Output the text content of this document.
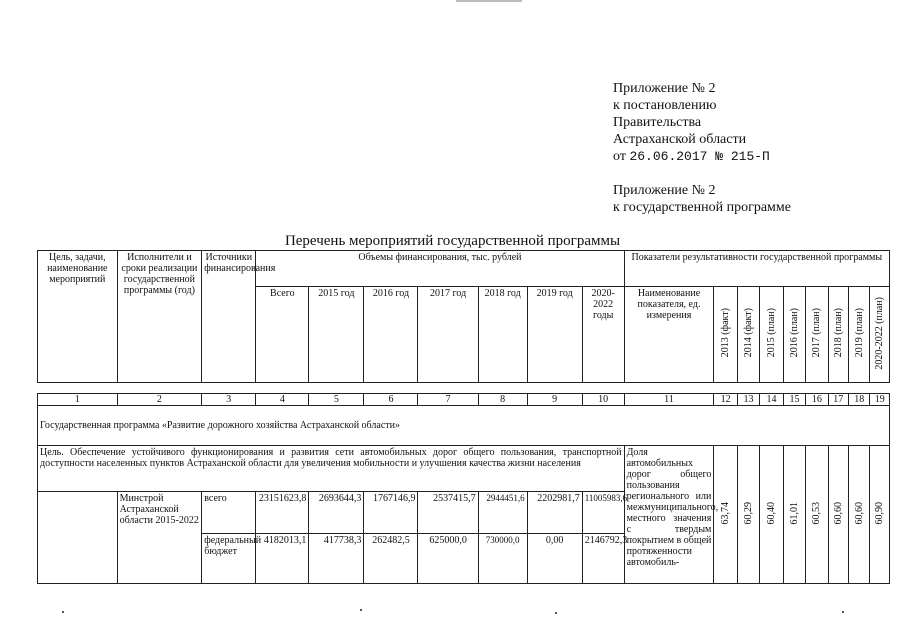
Приложение № 2
к постановлению
Правительства
Астраханской области
от 26.06.2017 № 215-П
Приложение № 2
к государственной программе
Перечень мероприятий государственной программы
Цель, задачи, наименование мероприятий	Исполнители и сроки реализации государственной программы (год)	Источники финансирования	Объемы финансирования, тыс. рублей							Показатели результативности государственной программы								
			Всего	2015 год	2016 год	2017 год	2018 год	2019 год	2020-2022 годы	Наименование показателя, ед. измерения	2013 (факт)	2014 (факт)	2015 (план)	2016 (план)	2017 (план)	2018 (план)	2019 (план)	2020-2022 (план)

1	2	3	4	5	6	7	8	9	10	11	12	13	14	15	16	17	18	19
Государственная программа «Развитие дорожного хозяйства Астраханской области»																		
Цель. Обеспечение устойчивого функционирования и развития сети автомобильных дорог общего пользования, транспортной доступности населенных пунктов Астраханской области для увеличения мобильности и улучшения качества жизни населения										Доля автомобильных дорог общего пользования регионального или межмуниципального, местного значения с твердым покрытием в общей протяженности автомобиль-	63,74	60,29	60,40	61,01	60,53	60,60	60,60	60,90
	Минстрой Астраханской области 2015-2022	всего	23151623,8	2693644,3	1767146,9	2537415,7	2944451,6	2202981,7	11005983,6									
		федеральный бюджет	4182013,1	417738,3	262482,5	625000,0	730000,0	0,00	2146792,3									
